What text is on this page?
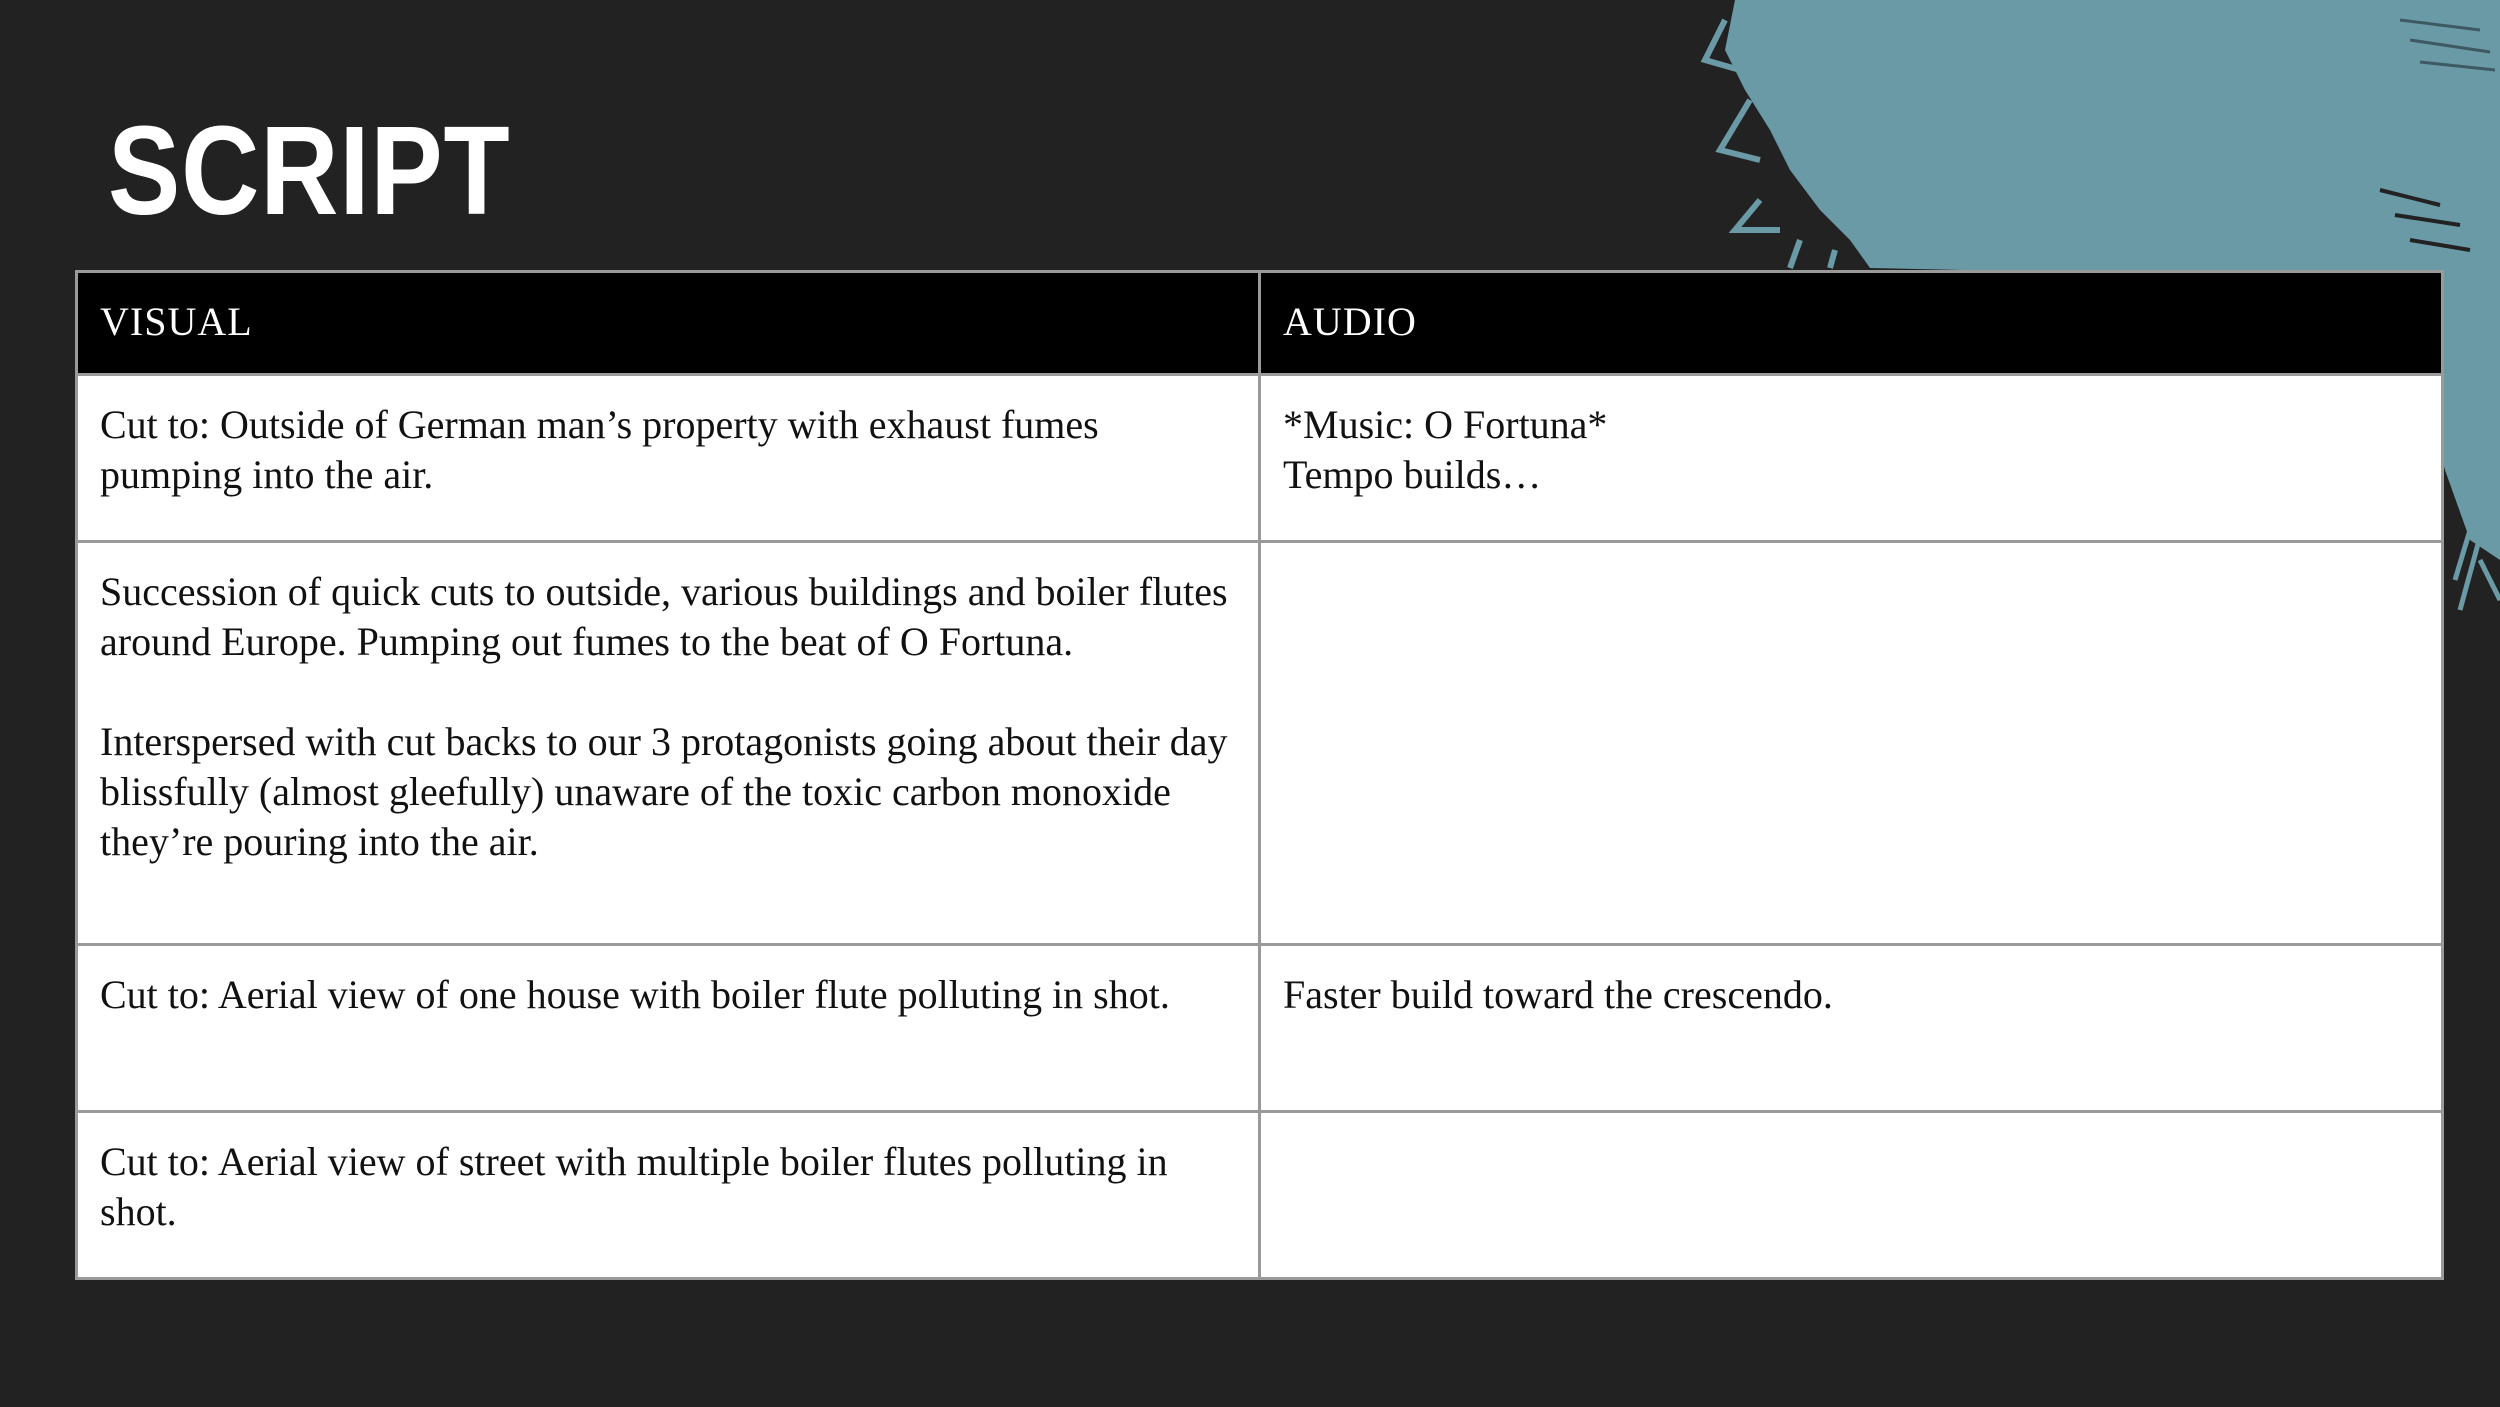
SCRIPT
VISUAL	AUDIO

Cut to: Outside of German man’s property with exhaust fumes pumping into the air.	*Music: O Fortuna*
Tempo builds…

Succession of quick cuts to outside, various buildings and boiler flutes around Europe. Pumping out fumes to the beat of O Fortuna.

Interspersed with cut backs to our 3 protagonists going about their day blissfully (almost gleefully) unaware of the toxic carbon monoxide they’re pouring into the air.	

Cut to: Aerial view of one house with boiler flute polluting in shot.	Faster build toward the crescendo.

Cut to: Aerial view of street with multiple boiler flutes polluting in shot.	
